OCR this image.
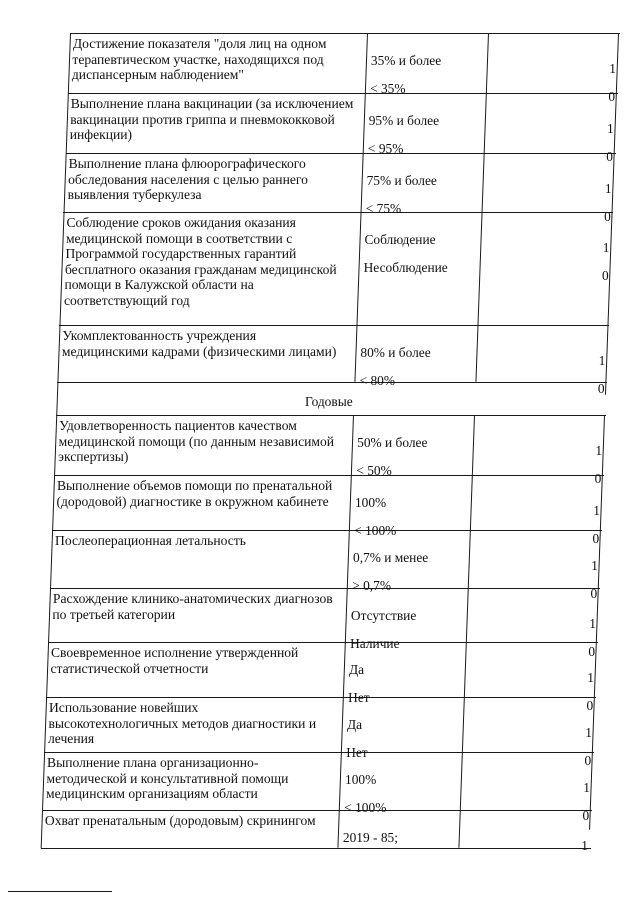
Годовые
Достижение показателя "доля лиц на одном
терапевтическом участке, находящихся под
диспансерным наблюдением"
35% и более
< 35%
1
0
Выполнение плана вакцинации (за исключением
вакцинации против гриппа и пневмококковой
инфекции)
95% и более
< 95%
1
0
Выполнение плана флюорографического
обследования населения с целью раннего
выявления туберкулеза
75% и более
< 75%
1
0
Соблюдение сроков ожидания оказания
медицинской помощи в соответствии с
Программой государственных гарантий
бесплатного оказания гражданам медицинской
помощи в Калужской области на
соответствующий год
Соблюдение
Несоблюдение
1
0
Укомплектованность учреждения
медицинскими кадрами (физическими лицами) 80% и более
< 80%
1
0
Удовлетворенность пациентов качеством
медицинской помощи (по данным независимой
экспертизы)
50% и более
< 50%
1
0
Выполнение объемов помощи по пренатальной
(дородовой) диагностике в окружном кабинете 100%
< 100%
1
0
Послеоперационная летальность
0,7% и менее
> 0,7%
1
0
Расхождение клинико-анатомических диагнозов
по третьей категории	Отсутствие
Наличие
1
0
Своевременное исполнение утвержденной
статистической отчетности	Да
Нет
1
0
Использование новейших
высокотехнологичных методов диагностики и
лечения
Да
Нет
1
0
Выполнение плана организационно-
методической и консультативной помощи
медицинским организациям области
100%
< 100%
1
0
Охват пренатальным (дородовым) скринингом
2019 - 85;
1
